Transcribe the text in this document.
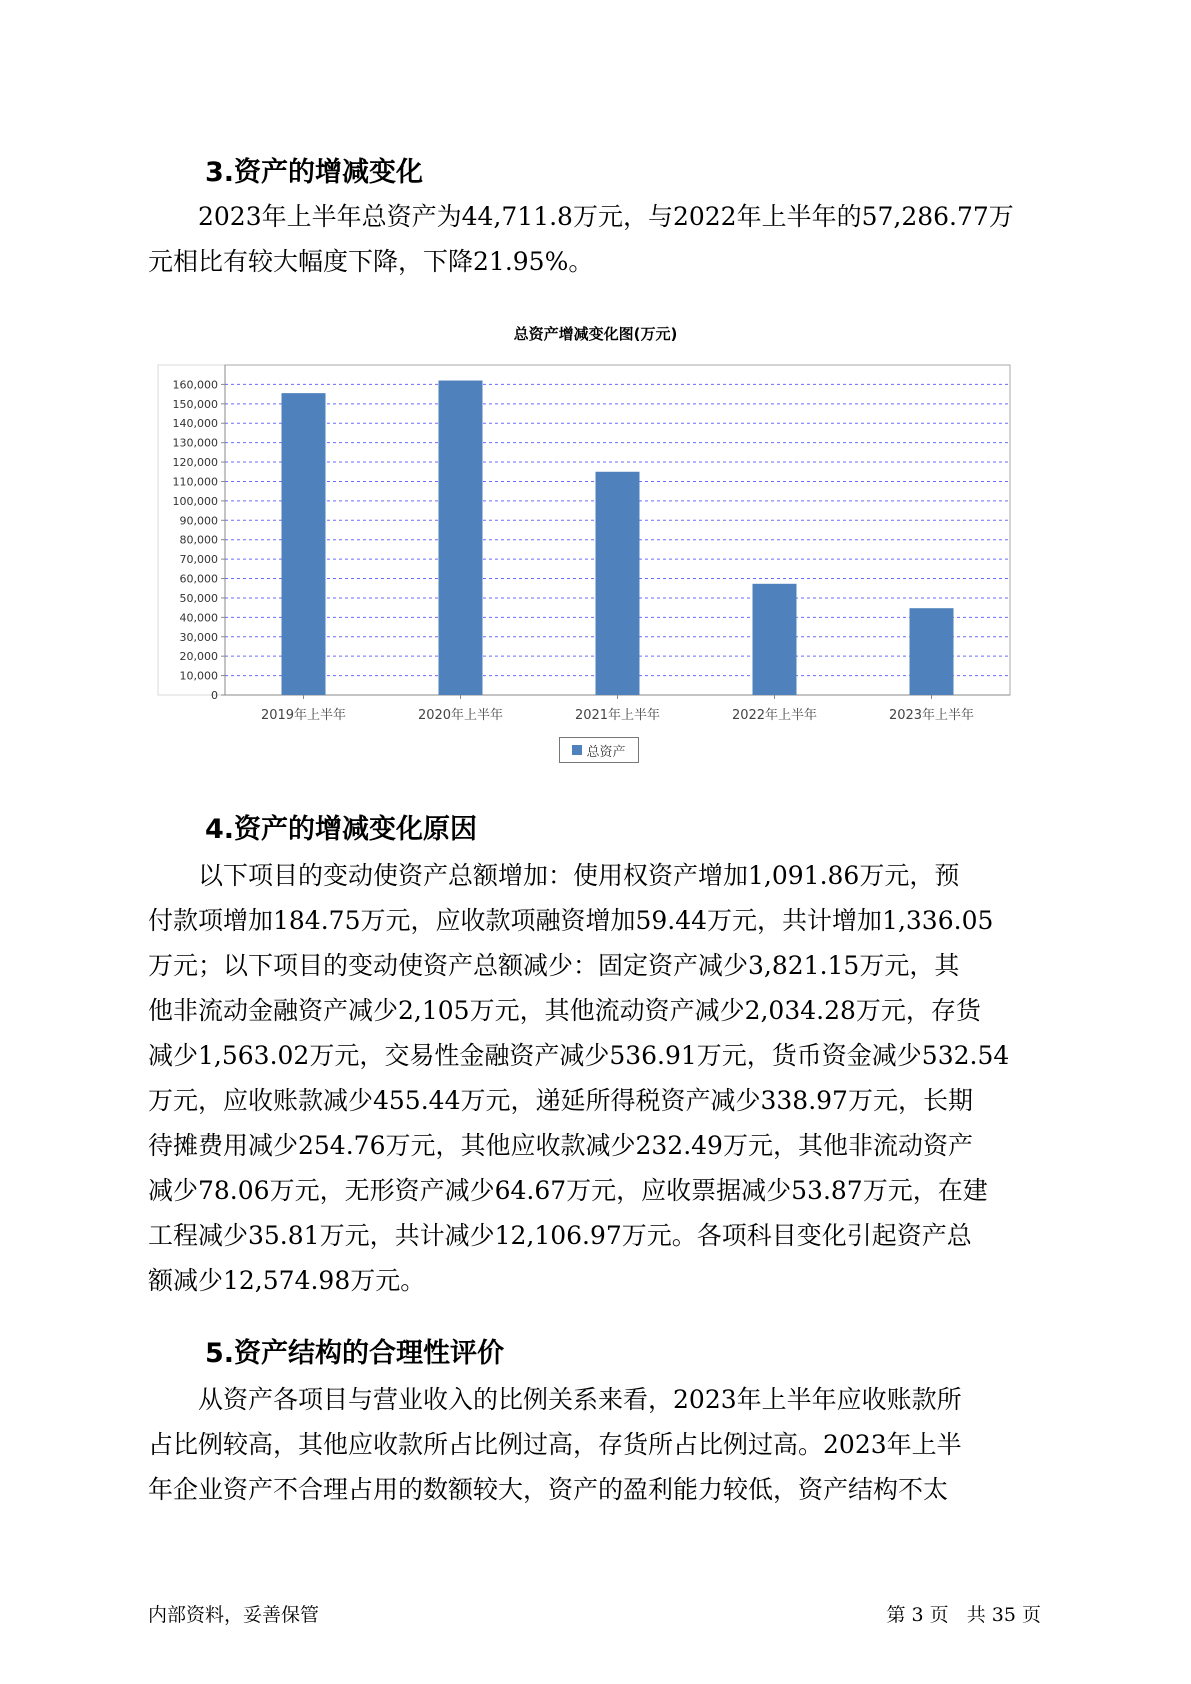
3.资产的增减变化

2023年上半年总资产为44,711.8万元，与2022年上半年的57,286.77万
元相比有较大幅度下降，下降21.95%。

总资产增减变化图(万元)
0
10,000
20,000
30,000
40,000
50,000
60,000
70,000
80,000
90,000
100,000
110,000
120,000
130,000
140,000
150,000
160,000
2019年上半年	2020年上半年	2021年上半年	2022年上半年	2023年上半年
总资产
4.资产的增减变化原因

以下项目的变动使资产总额增加：使用权资产增加1,091.86万元，预
付款项增加184.75万元，应收款项融资增加59.44万元，共计增加1,336.05
万元；以下项目的变动使资产总额减少：固定资产减少3,821.15万元，其
他非流动金融资产减少2,105万元，其他流动资产减少2,034.28万元，存货
减少1,563.02万元，交易性金融资产减少536.91万元，货币资金减少532.54
万元，应收账款减少455.44万元，递延所得税资产减少338.97万元，长期
待摊费用减少254.76万元，其他应收款减少232.49万元，其他非流动资产
减少78.06万元，无形资产减少64.67万元，应收票据减少53.87万元，在建
工程减少35.81万元，共计减少12,106.97万元。各项科目变化引起资产总
额减少12,574.98万元。

5.资产结构的合理性评价

从资产各项目与营业收入的比例关系来看，2023年上半年应收账款所
占比例较高，其他应收款所占比例过高，存货所占比例过高。2023年上半
年企业资产不合理占用的数额较大，资产的盈利能力较低，资产结构不太

内部资料，妥善保管	第 3 页   共 35 页
